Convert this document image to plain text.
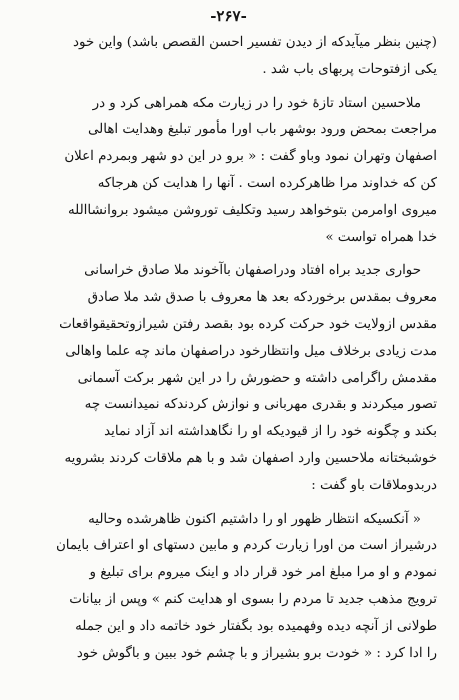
-۲۶۷-
(چنین بنظر میآیدکه از دیدن تفسیر احسن القصص باشد) واین خود
یکی ازفتوحات پربهای باب شد .
ملاحسین استاد تازهٔ خود را در زیارت مکه همراهی کرد و در
مراجعت بمحض ورود بوشهر باب اورا مأمور تبلیغ وهدایت اهالی
اصفهان وتهران نمود وباو گفت : « برو در این دو شهر وبمردم اعلان
کن که خداوند مرا ظاهرکرده است . آنها را هدایت کن هرجاکه
میروی اوامرمن بتوخواهد رسید وتکلیف توروشن میشود بروانشاالله
خدا همراه تواست »
حواری جدید براه افتاد ودراصفهان باآخوند ملا صادق خراسانی
معروف بمقدس برخوردکه بعد ها معروف با صدق شد ملا صادق
مقدس ازولایت خود حرکت کرده بود بقصد رفتن شیرازوتحقیقواقعات
مدت زیادی برخلاف میل وانتظارخود دراصفهان ماند چه علما واهالی
مقدمش راگرامی داشته و حضورش را در این شهر برکت آسمانی
تصور میکردند و بقدری مهربانی و نوازش کردندکه نمیدانست چه
بکند و چگونه خود را از قیودیکه او را نگاهداشته اند آزاد نماید
خوشبختانه ملاحسین وارد اصفهان شد و با هم ملاقات کردند بشرویه
دربدوملاقات باو گفت :
« آنکسیکه انتظار ظهور او را داشتیم اکنون ظاهرشده وحالیه
درشیراز است من اورا زیارت کردم و مابین دستهای او اعتراف بایمان
نمودم و او مرا مبلغ امر خود قرار داد و اینک میروم برای تبلیغ و
ترویج مذهب جدید تا مردم را بسوی او هدایت کنم » وپس از بیانات
طولانی از آنچه دیده وفهمیده بود بگفتار خود خاتمه داد و این جمله
را ادا کرد : « خودت برو بشیراز و با چشم خود ببین و باگوش خود
